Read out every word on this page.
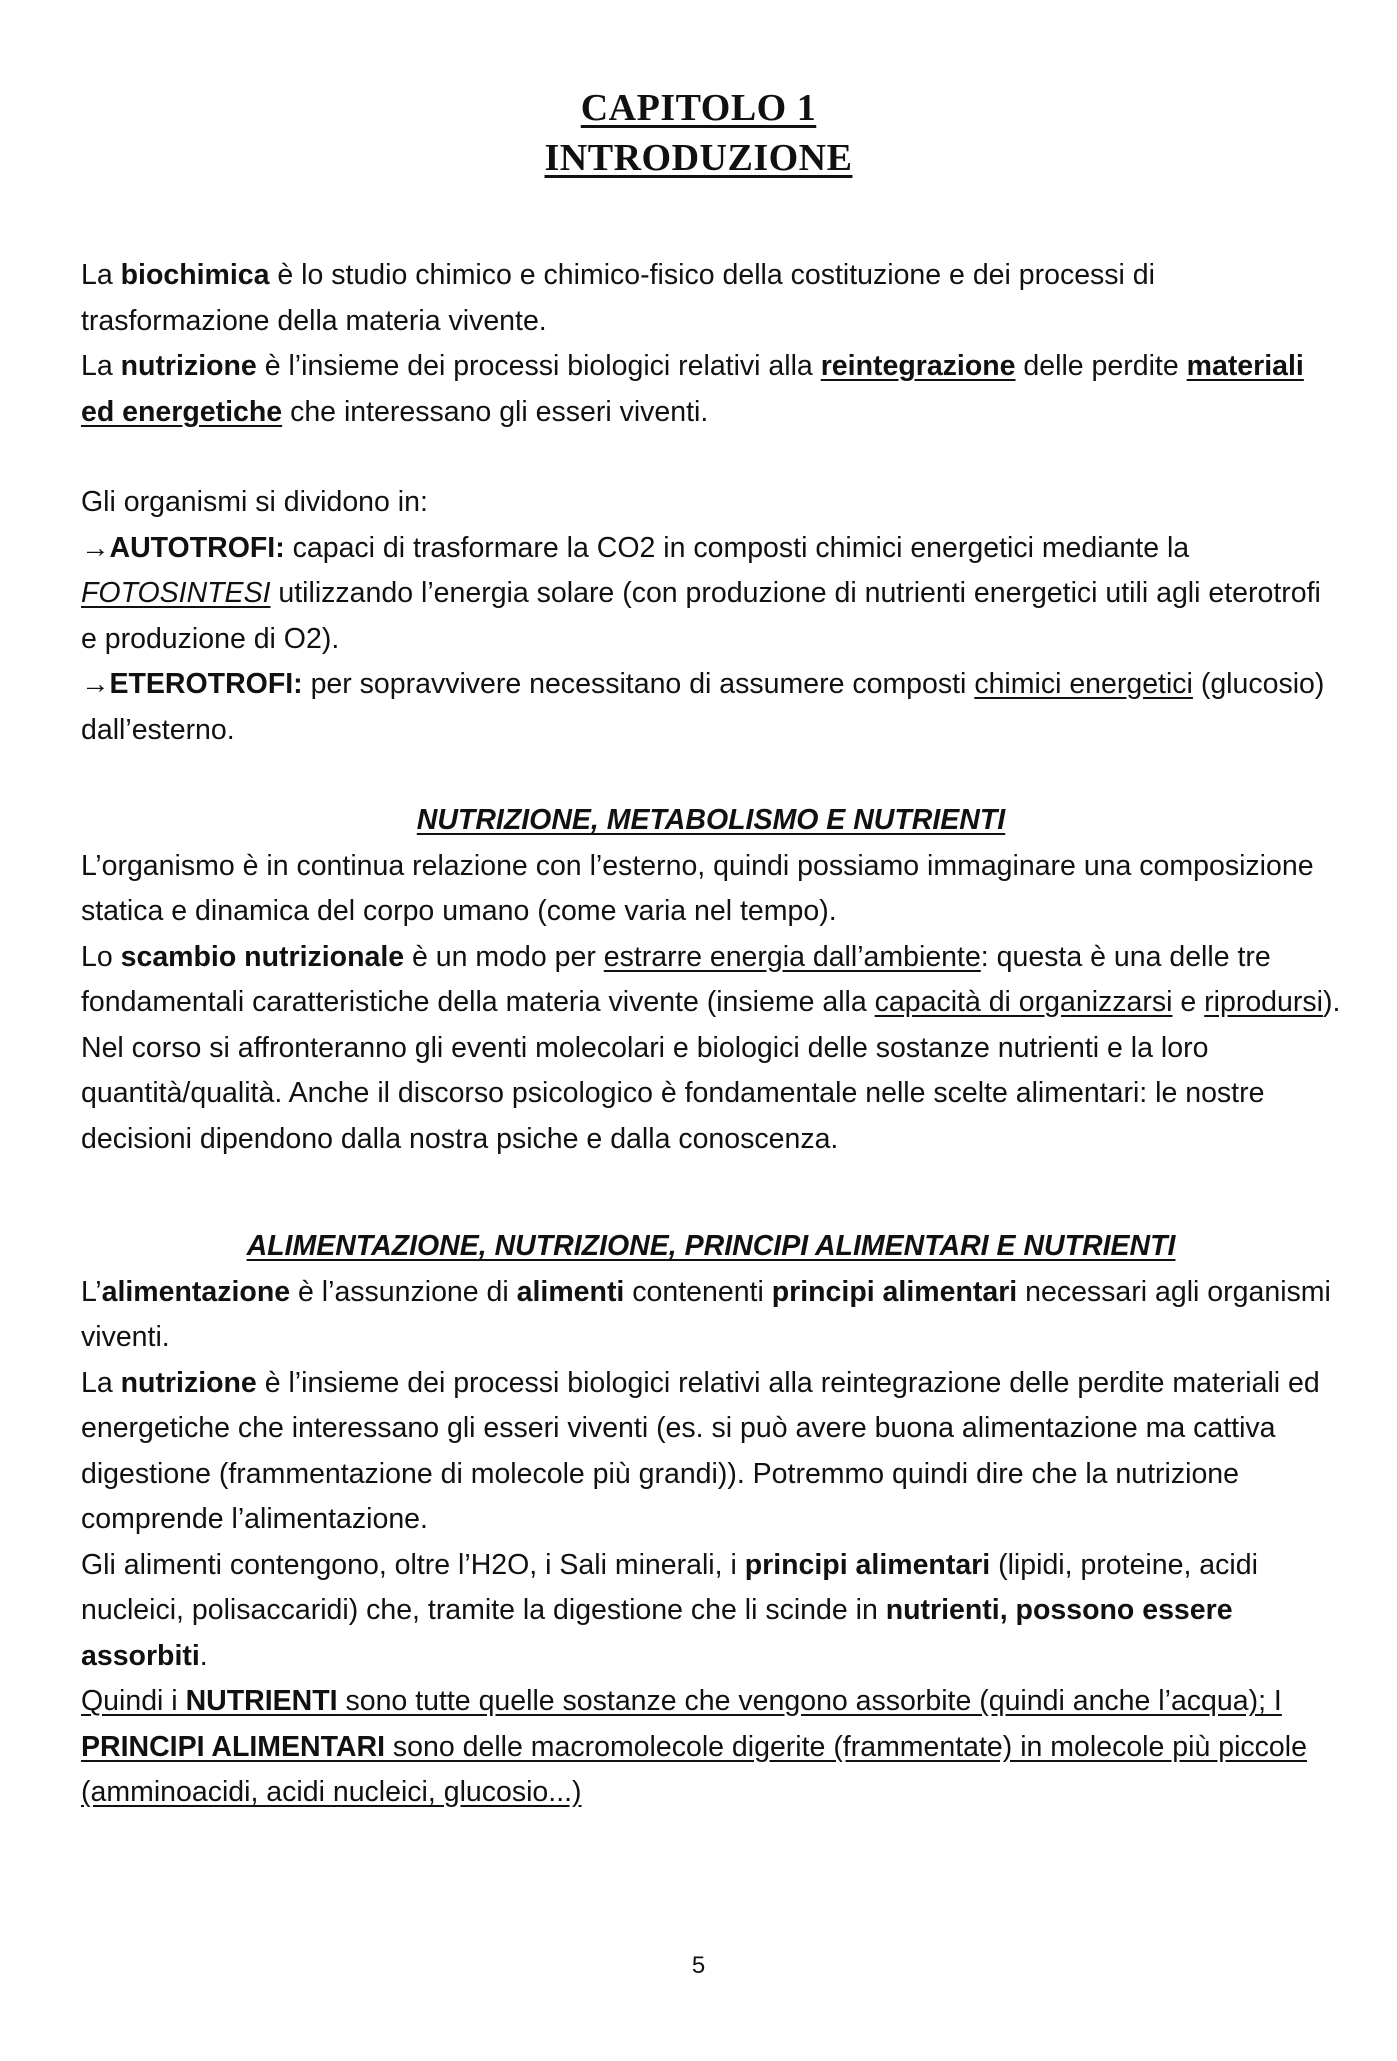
CAPITOLO 1
INTRODUZIONE

La biochimica è lo studio chimico e chimico-fisico della costituzione e dei processi di trasformazione della materia vivente.

La nutrizione è l’insieme dei processi biologici relativi alla reintegrazione delle perdite materiali ed energetiche che interessano gli esseri viventi.

Gli organismi si dividono in:

→AUTOTROFI: capaci di trasformare la CO2 in composti chimici energetici mediante la FOTOSINTESI utilizzando l’energia solare (con produzione di nutrienti energetici utili agli eterotrofi e produzione di O2).

→ETEROTROFI: per sopravvivere necessitano di assumere composti chimici energetici (glucosio) dall’esterno.

NUTRIZIONE, METABOLISMO E NUTRIENTI

L’organismo è in continua relazione con l’esterno, quindi possiamo immaginare una composizione statica e dinamica del corpo umano (come varia nel tempo).

Lo scambio nutrizionale è un modo per estrarre energia dall’ambiente: questa è una delle tre fondamentali caratteristiche della materia vivente (insieme alla capacità di organizzarsi e riprodursi).

Nel corso si affronteranno gli eventi molecolari e biologici delle sostanze nutrienti e la loro quantità/qualità. Anche il discorso psicologico è fondamentale nelle scelte alimentari: le nostre decisioni dipendono dalla nostra psiche e dalla conoscenza.

ALIMENTAZIONE, NUTRIZIONE, PRINCIPI ALIMENTARI E NUTRIENTI

L’alimentazione è l’assunzione di alimenti contenenti principi alimentari necessari agli organismi viventi.

La nutrizione è l’insieme dei processi biologici relativi alla reintegrazione delle perdite materiali ed energetiche che interessano gli esseri viventi (es. si può avere buona alimentazione ma cattiva digestione (frammentazione di molecole più grandi)). Potremmo quindi dire che la nutrizione comprende l’alimentazione.

Gli alimenti contengono, oltre l’H2O, i Sali minerali, i principi alimentari (lipidi, proteine, acidi nucleici, polisaccaridi) che, tramite la digestione che li scinde in nutrienti, possono essere assorbiti.

Quindi i NUTRIENTI sono tutte quelle sostanze che vengono assorbite (quindi anche l’acqua); I PRINCIPI ALIMENTARI sono delle macromolecole digerite (frammentate) in molecole più piccole (amminoacidi, acidi nucleici, glucosio...)

5
